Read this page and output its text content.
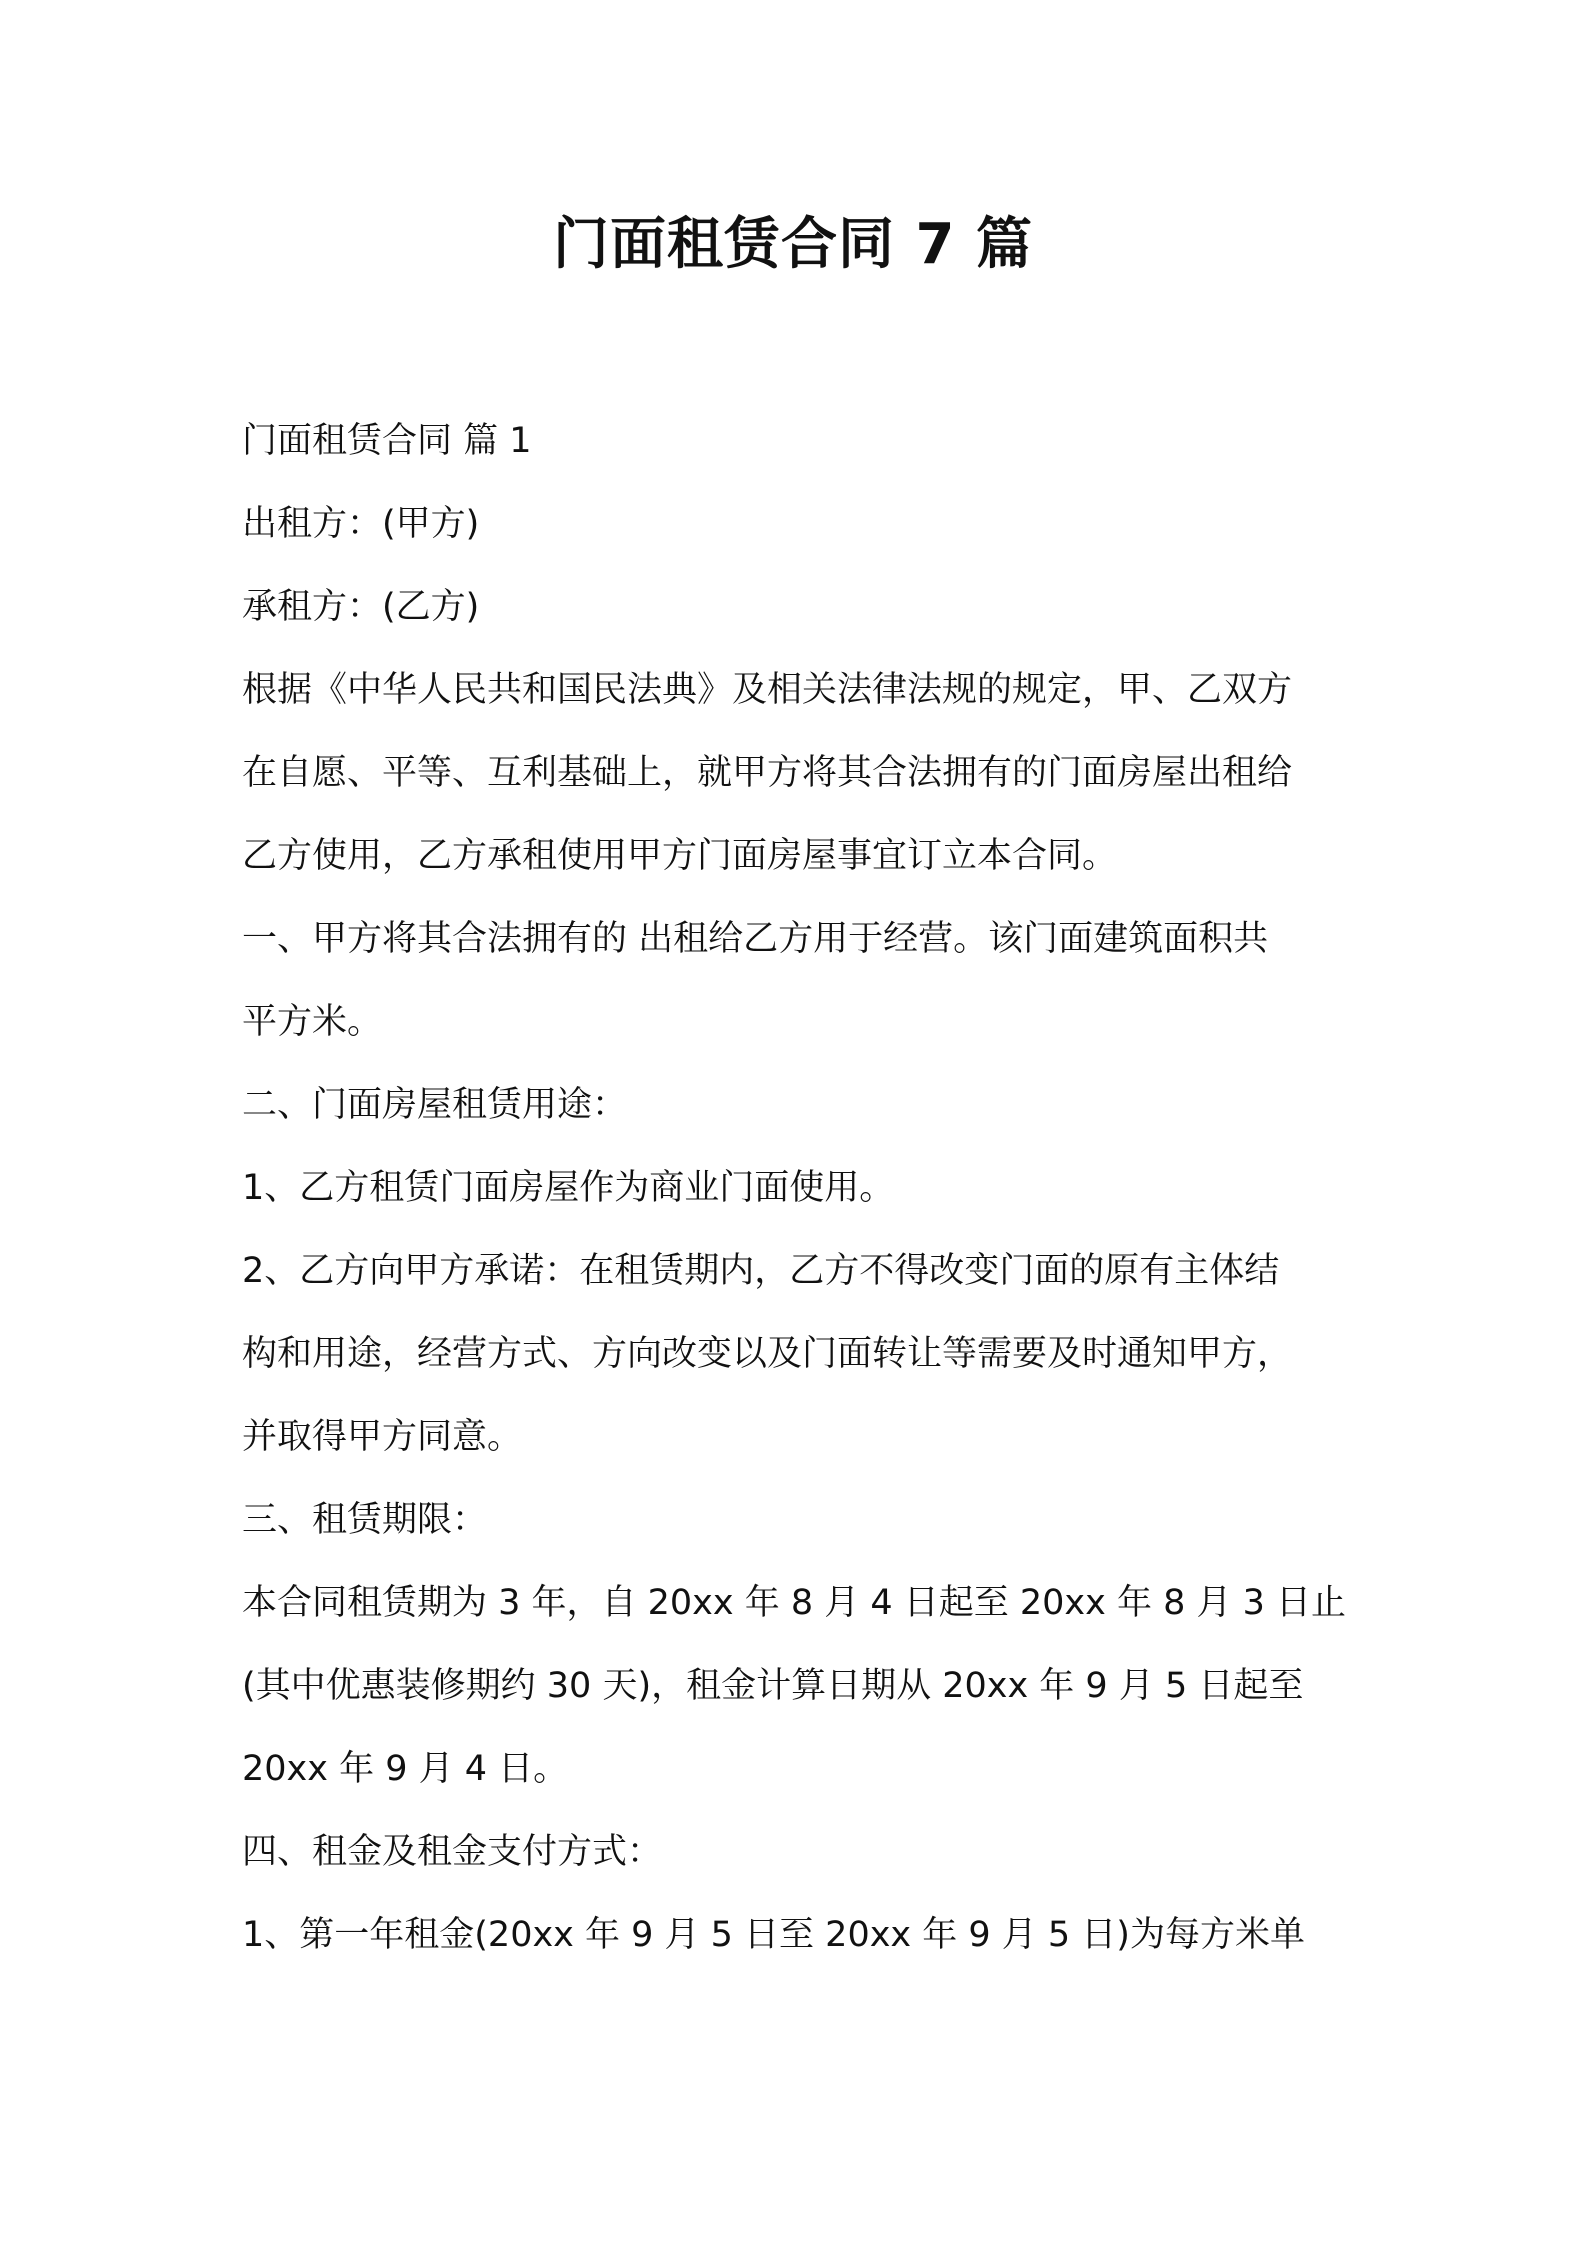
门面租赁合同 7 篇
门面租赁合同 篇 1
出租方：(甲方)
承租方：(乙方)
根据《中华人民共和国民法典》及相关法律法规的规定，甲、乙双方
在自愿、平等、互利基础上，就甲方将其合法拥有的门面房屋出租给
乙方使用，乙方承租使用甲方门面房屋事宜订立本合同。
一、甲方将其合法拥有的 出租给乙方用于经营。该门面建筑面积共
平方米。
二、门面房屋租赁用途：
1、乙方租赁门面房屋作为商业门面使用。
2、乙方向甲方承诺：在租赁期内，乙方不得改变门面的原有主体结
构和用途，经营方式、方向改变以及门面转让等需要及时通知甲方，
并取得甲方同意。
三、租赁期限：
本合同租赁期为 3 年，自 20xx 年 8 月 4 日起至 20xx 年 8 月 3 日止
(其中优惠装修期约 30 天)，租金计算日期从 20xx 年 9 月 5 日起至
20xx 年 9 月 4 日。
四、租金及租金支付方式：
1、第一年租金(20xx 年 9 月 5 日至 20xx 年 9 月 5 日)为每方米单
